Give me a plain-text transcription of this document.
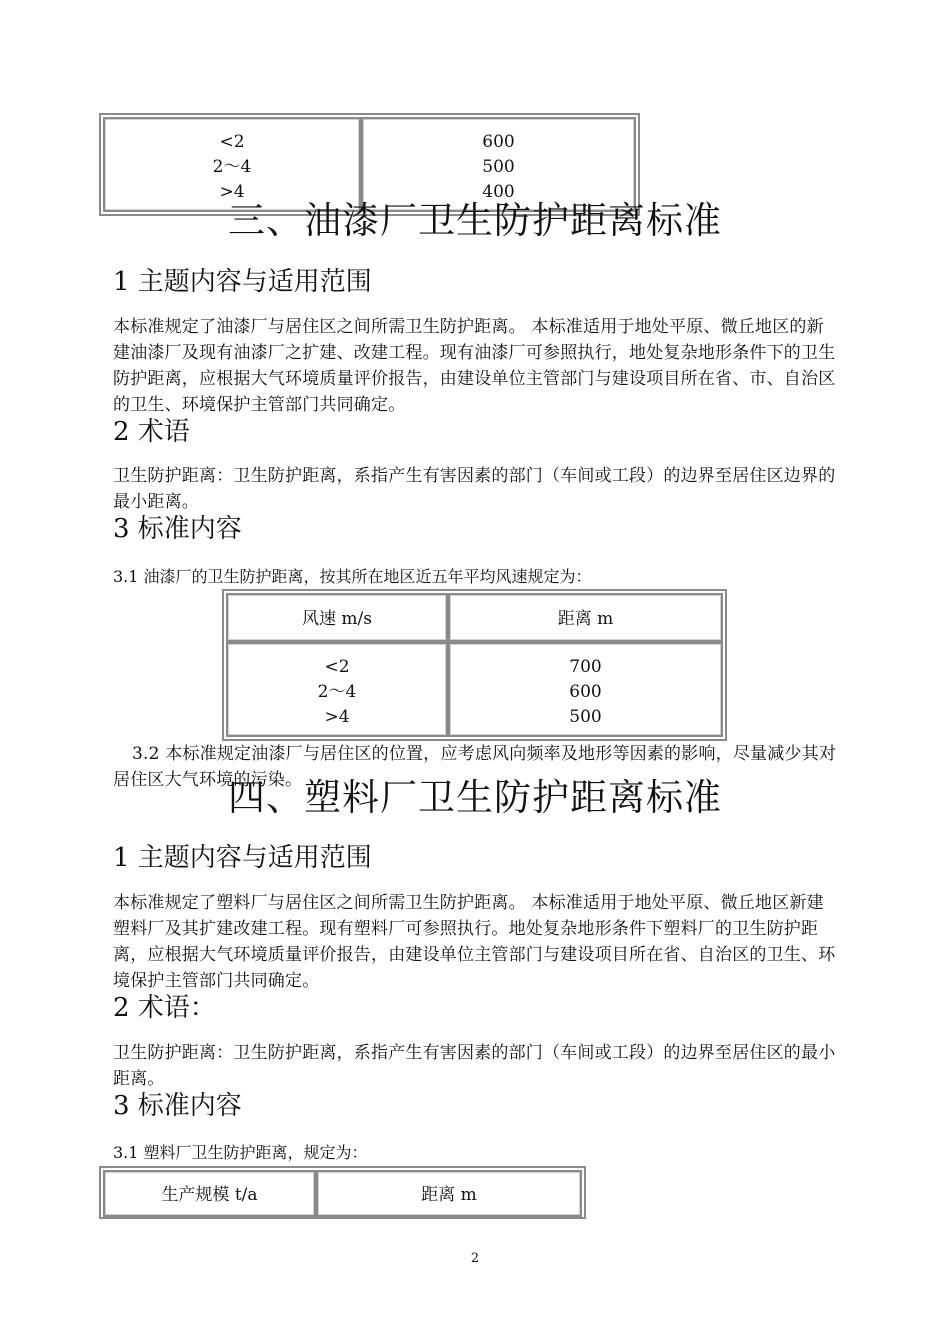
<2
2～4
>4
600
500
400
三、油漆厂卫生防护距离标准
1 主题内容与适用范围
本标准规定了油漆厂与居住区之间所需卫生防护距离。 本标准适用于地处平原、微丘地区的新建油漆厂及现有油漆厂之扩建、改建工程。现有油漆厂可参照执行，地处复杂地形条件下的卫生防护距离，应根据大气环境质量评价报告，由建设单位主管部门与建设项目所在省、市、自治区的卫生、环境保护主管部门共同确定。
2 术语
卫生防护距离：卫生防护距离，系指产生有害因素的部门（车间或工段）的边界至居住区边界的最小距离。
3 标准内容
3.1 油漆厂的卫生防护距离，按其所在地区近五年平均风速规定为：
风速 m/s	距离 m
<2
2～4
>4
700
600
500
3.2 本标准规定油漆厂与居住区的位置，应考虑风向频率及地形等因素的影响，尽量减少其对居住区大气环境的污染。
四、塑料厂卫生防护距离标准
1 主题内容与适用范围
本标准规定了塑料厂与居住区之间所需卫生防护距离。 本标准适用于地处平原、微丘地区新建塑料厂及其扩建改建工程。现有塑料厂可参照执行。地处复杂地形条件下塑料厂的卫生防护距离，应根据大气环境质量评价报告，由建设单位主管部门与建设项目所在省、自治区的卫生、环境保护主管部门共同确定。
2 术语：
卫生防护距离：卫生防护距离，系指产生有害因素的部门（车间或工段）的边界至居住区的最小距离。
3 标准内容
3.1 塑料厂卫生防护距离，规定为：
生产规模 t/a	距离 m
2
